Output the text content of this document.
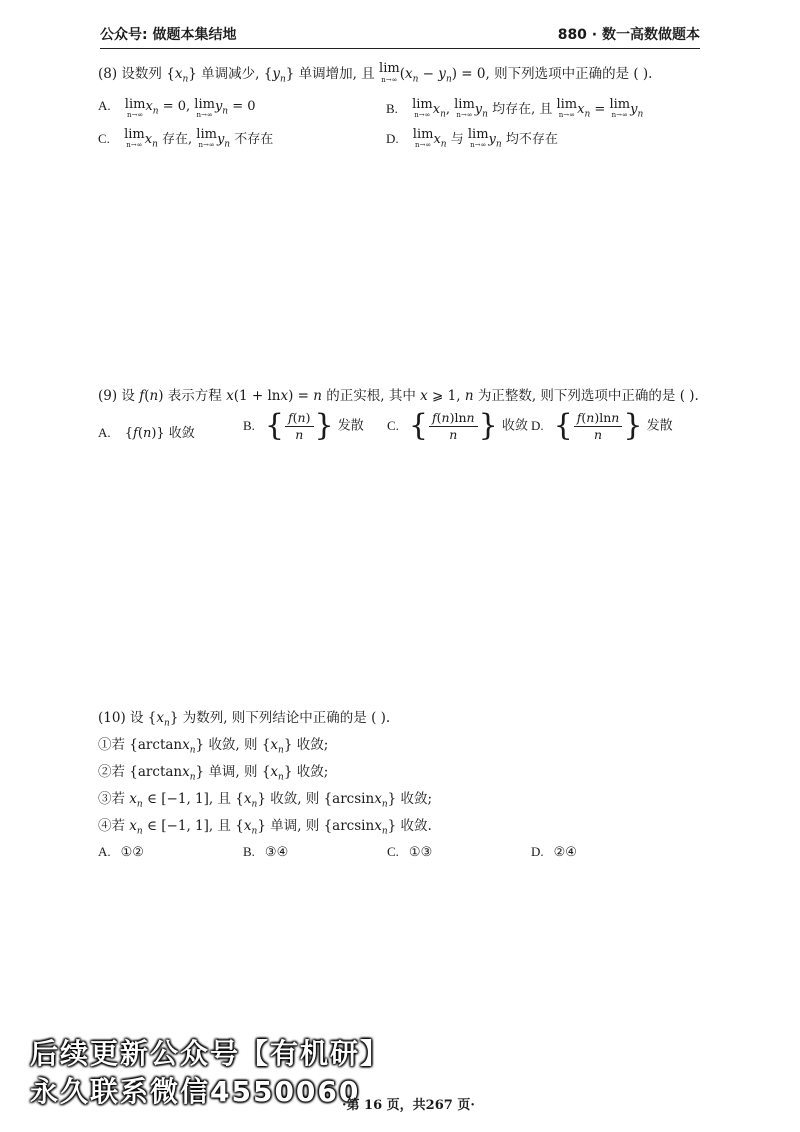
公众号: 做题本集结地	880 · 数一高数做题本
(8) 设数列 $\{x_n\}$ 单调减少, $\{y_n\}$ 单调增加, 且 lim
n→∞ $(x_n - y_n) = 0$, 则下列选项中正确的是 ( ).
A. lim
n→∞
$x_n = 0$, lim
n→∞
$y_n = 0$	B. lim
n→∞ $x_n$, lim
n→∞ $y_n$ 均存在, 且 lim
n→∞ $x_n = \lim$
n→∞ $y_n$
C. lim
n→∞ $x_n$ 存在, lim
n→∞ $y_n$ 不存在	D. lim
n→∞ $x_n$ 与 lim
n→∞ $y_n$ 均不存在
(9) 设 f(n) 表示方程 x(1 + lnx) = n 的正实根, 其中 x ⩾ 1, n 为正整数, 则下列选项中正确的是 ( ).
A. {f(n)} 收敛
B. { $\frac{f(n)}{n}$ } 发散 C. { $\frac{f(n)\ln n}{n}$ } 收敛 D. { $\frac{f(n)\ln n}{n}$ } 发散
(10) 设 $\{x_n\}$ 为数列, 则下列结论中正确的是 ( ).
①若 {arctanx$_n$} 收敛, 则 $\{x_n\}$ 收敛;
②若 {arctanx$_n$} 单调, 则 $\{x_n\}$ 收敛;
③若 $x_n$ ∈ [−1, 1], 且 $\{x_n\}$ 收敛, 则 {arcsinx$_n$} 收敛;
④若 $x_n$ ∈ [−1, 1], 且 $\{x_n\}$ 单调, 则 {arcsinx$_n$} 收敛.
A. ①②	B. ③④	C. ①③	D. ②④
后续更新公众号【有机研】
永久联系微信4550060
·第 16 页，共267 页·
